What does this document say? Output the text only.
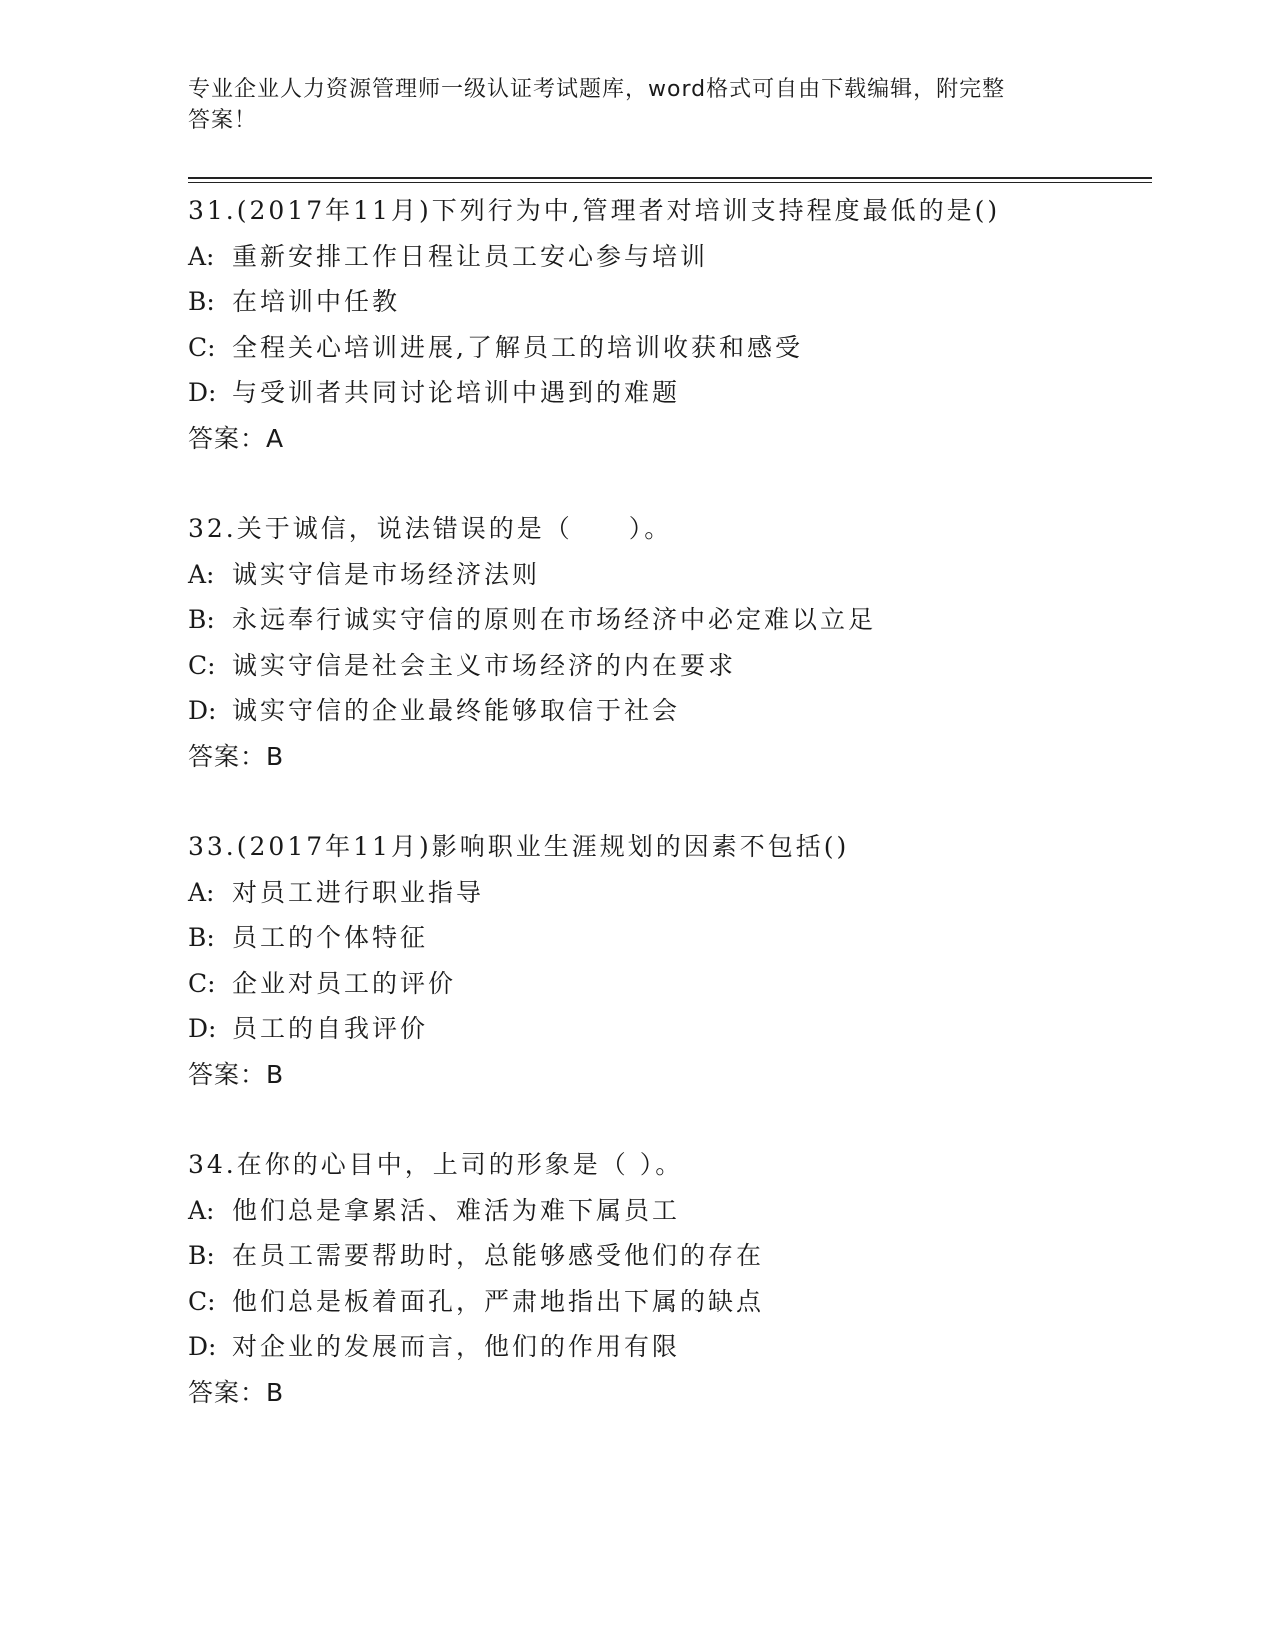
专业企业人力资源管理师一级认证考试题库，word格式可自由下载编辑，附完整
答案！
31.(2017年11月)下列行为中,管理者对培训支持程度最低的是()
A: 重新安排工作日程让员工安心参与培训
B: 在培训中任教
C: 全程关心培训进展,了解员工的培训收获和感受
D: 与受训者共同讨论培训中遇到的难题
答案：A
32.关于诚信，说法错误的是（　　）。
A: 诚实守信是市场经济法则
B: 永远奉行诚实守信的原则在市场经济中必定难以立足
C: 诚实守信是社会主义市场经济的内在要求
D: 诚实守信的企业最终能够取信于社会
答案：B
33.(2017年11月)影响职业生涯规划的因素不包括()
A: 对员工进行职业指导
B: 员工的个体特征
C: 企业对员工的评价
D: 员工的自我评价
答案：B
34.在你的心目中，上司的形象是（ ）。
A: 他们总是拿累活、难活为难下属员工
B: 在员工需要帮助时，总能够感受他们的存在
C: 他们总是板着面孔，严肃地指出下属的缺点
D: 对企业的发展而言，他们的作用有限
答案：B
